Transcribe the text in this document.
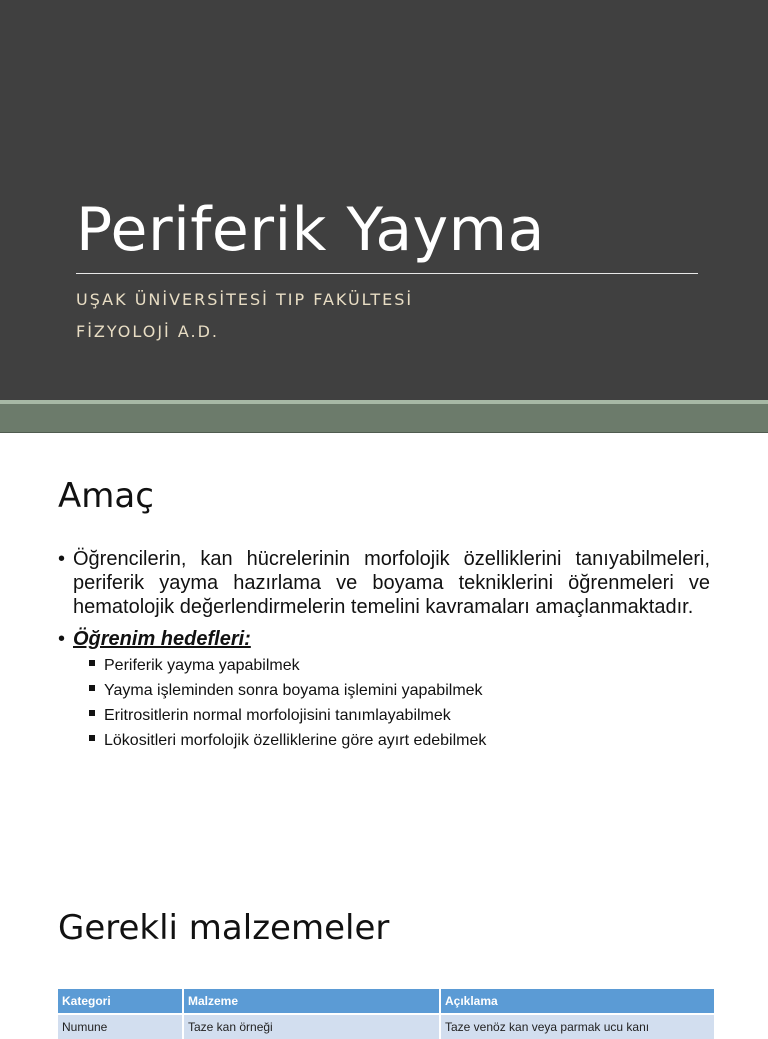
Periferik Yayma
UŞAK ÜNİVERSİTESİ TIP FAKÜLTESİ
FİZYOLOJİ A.D.
Amaç
• Öğrencilerin, kan hücrelerinin morfolojik özelliklerini tanıyabilmeleri, periferik yayma hazırlama ve boyama tekniklerini öğrenmeleri ve hematolojik değerlendirmelerin temelini kavramaları amaçlanmaktadır.
• Öğrenim hedefleri:
Periferik yayma yapabilmek
Yayma işleminden sonra boyama işlemini yapabilmek
Eritrositlerin normal morfolojisini tanımlayabilmek
Lökositleri morfolojik özelliklerine göre ayırt edebilmek
Gerekli malzemeler
Kategori	Malzeme	Açıklama
Numune	Taze kan örneği	Taze venöz kan veya parmak ucu kanı
